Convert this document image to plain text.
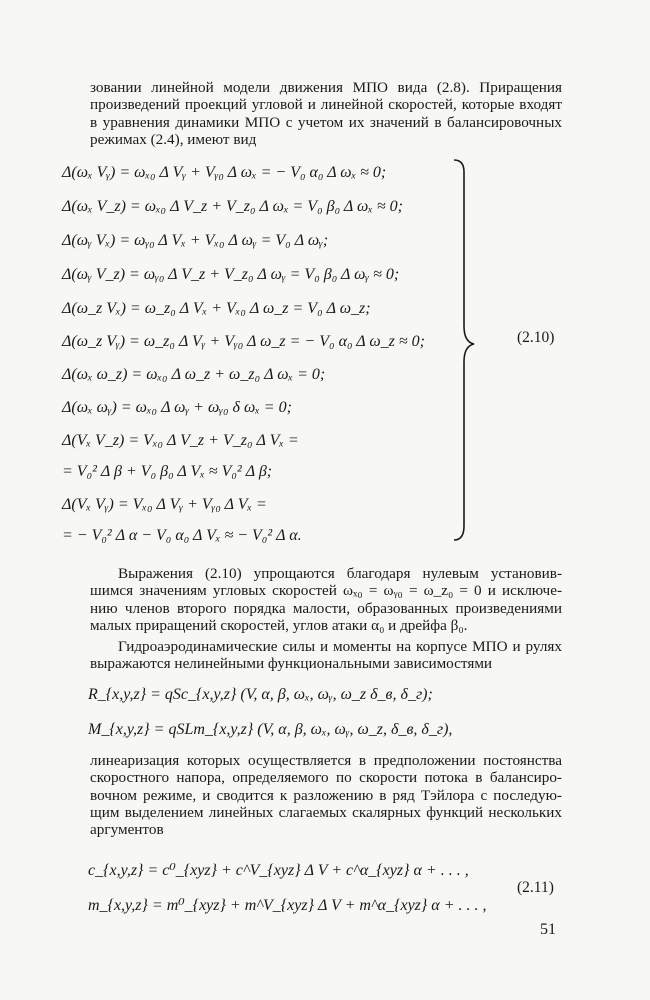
зовании линейной модели движения МПО вида (2.8). Приращения
произведений проекций угловой и линейной скоростей, которые входят
в уравнения динамики МПО с учетом их значений в балансировочных
режимах (2.4), имеют вид
Δ(ωₓ Vᵧ) = ωₓ₀ Δ Vᵧ + Vᵧ₀ Δ ωₓ = − V₀ α₀ Δ ωₓ ≈ 0;
Δ(ωₓ V_z) = ωₓ₀ Δ V_z + V_z₀ Δ ωₓ = V₀ β₀ Δ ωₓ ≈ 0;
Δ(ωᵧ Vₓ) = ωᵧ₀ Δ Vₓ + Vₓ₀ Δ ωᵧ = V₀ Δ ωᵧ;
Δ(ωᵧ V_z) = ωᵧ₀ Δ V_z + V_z₀ Δ ωᵧ = V₀ β₀ Δ ωᵧ ≈ 0;
Δ(ω_z Vₓ) = ω_z₀ Δ Vₓ + Vₓ₀ Δ ω_z = V₀ Δ ω_z;
Δ(ω_z Vᵧ) = ω_z₀ Δ Vᵧ + Vᵧ₀ Δ ω_z = − V₀ α₀ Δ ω_z ≈ 0;
Δ(ωₓ ω_z) = ωₓ₀ Δ ω_z + ω_z₀ Δ ωₓ = 0;
Δ(ωₓ ωᵧ) = ωₓ₀ Δ ωᵧ + ωᵧ₀ δ ωₓ = 0;
Δ(Vₓ V_z) = Vₓ₀ Δ V_z + V_z₀ Δ Vₓ =
= V₀² Δ β + V₀ β₀ Δ Vₓ ≈ V₀² Δ β;
Δ(Vₓ Vᵧ) = Vₓ₀ Δ Vᵧ + Vᵧ₀ Δ Vₓ =
= − V₀² Δ α − V₀ α₀ Δ Vₓ ≈ − V₀² Δ α.
(2.10)
Выражения (2.10) упрощаются благодаря нулевым установив-
шимся значениям угловых скоростей ωₓ₀ = ωᵧ₀ = ω_z₀ = 0 и исключе-
нию членов второго порядка малости, образованных произведениями
малых приращений скоростей, углов атаки α₀ и дрейфа β₀.
Гидроаэродинамические силы и моменты на корпусе МПО и рулях
выражаются нелинейными функциональными зависимостями
R_{x,y,z} = qSc_{x,y,z} (V, α, β, ωₓ, ωᵧ, ω_z δ_в, δ_г);
M_{x,y,z} = qSLm_{x,y,z} (V, α, β, ωₓ, ωᵧ, ω_z, δ_в, δ_г),
линеаризация которых осуществляется в предположении постоянства
скоростного напора, определяемого по скорости потока в балансиро-
вочном режиме, и сводится к разложению в ряд Тэйлора с последую-
щим выделением линейных слагаемых скалярных функций нескольких
аргументов
c_{x,y,z} = c⁰_{xyz} + c^V_{xyz} Δ V + c^α_{xyz} α + . . . ,
m_{x,y,z} = m⁰_{xyz} + m^V_{xyz} Δ V + m^α_{xyz} α + . . . ,
(2.11)
51
